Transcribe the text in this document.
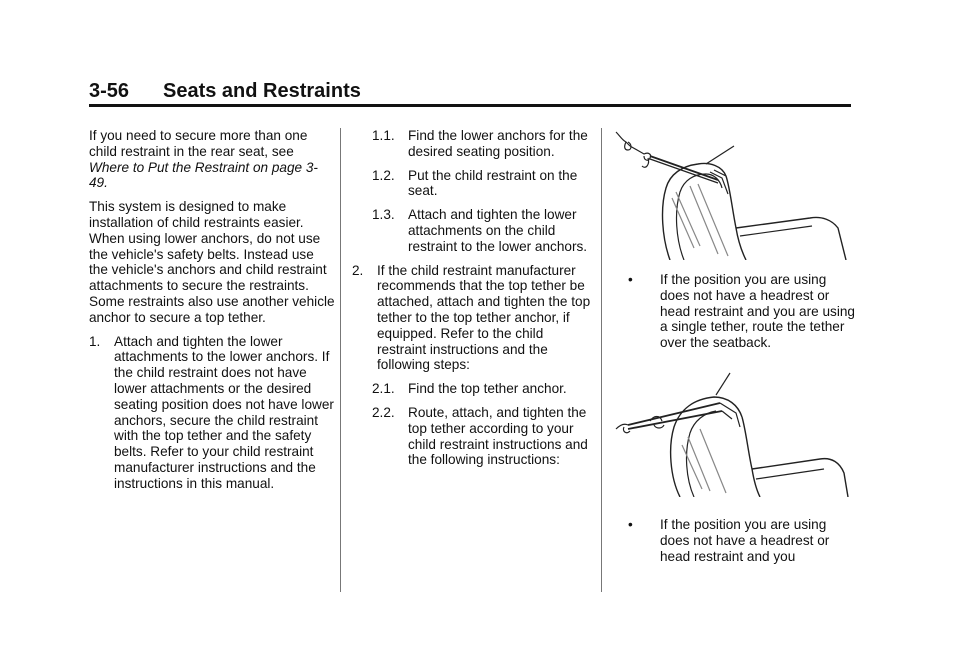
3-56 Seats and Restraints

If you need to secure more than one child restraint in the rear seat, see Where to Put the Restraint on page 3-49.

This system is designed to make installation of child restraints easier. When using lower anchors, do not use the vehicle's safety belts. Instead use the vehicle's anchors and child restraint attachments to secure the restraints. Some restraints also use another vehicle anchor to secure a top tether.

1.	Attach and tighten the lower attachments to the lower anchors. If the child restraint does not have lower attachments or the desired seating position does not have lower anchors, secure the child restraint with the top tether and the safety belts. Refer to your child restraint manufacturer instructions and the instructions in this manual.
1.1. Find the lower anchors for the desired seating position.
1.2. Put the child restraint on the seat.
1.3. Attach and tighten the lower attachments on the child restraint to the lower anchors.
2.	If the child restraint manufacturer recommends that the top tether be attached, attach and tighten the top tether to the top tether anchor, if equipped. Refer to the child restraint instructions and the following steps:
2.1. Find the top tether anchor.
2.2. Route, attach, and tighten the top tether according to your child restraint instructions and the following instructions:
•	If the position you are using does not have a headrest or head restraint and you are using a single tether, route the tether over the seatback.
•	If the position you are using does not have a headrest or head restraint and you
